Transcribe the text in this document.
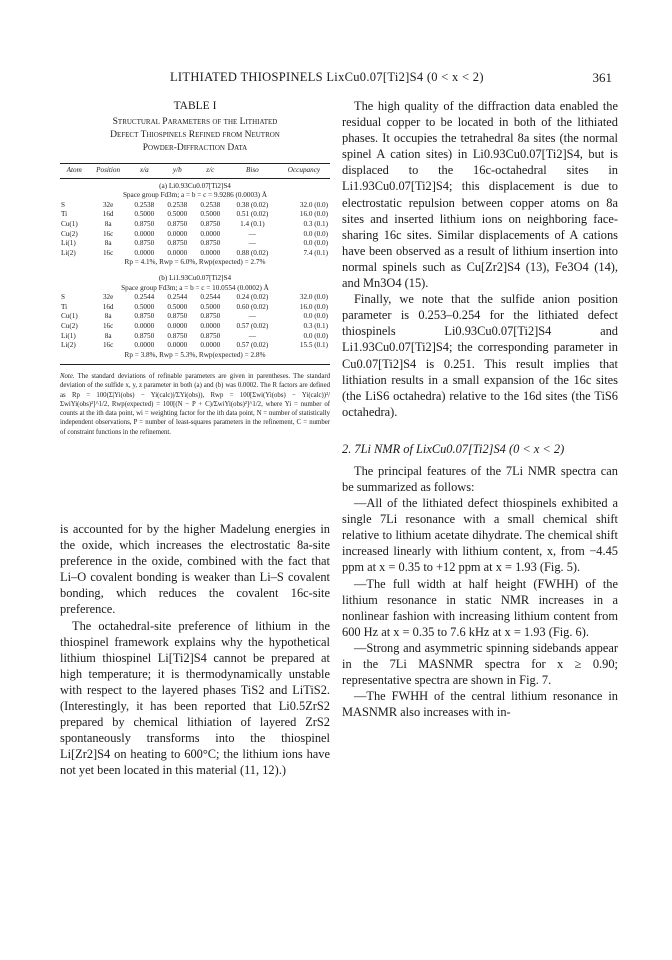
LITHIATED THIOSPINELS LixCu0.07[Ti2]S4 (0 < x < 2)	361
TABLE I
Structural Parameters of the Lithiated
Defect Thiospinels Refined from Neutron
Powder-Diffraction Data
Atom	Position	x/a	y/b	z/c	Biso	Occupancy
(a) Li0.93Cu0.07[Ti2]S4						
Space group Fd3m; a = b = c = 9.9286 (0.0003) Å						
S	32e	0.2538	0.2538	0.2538	0.38 (0.02)	32.0 (0.0)
Ti	16d	0.5000	0.5000	0.5000	0.51 (0.02)	16.0 (0.0)
Cu(1)	8a	0.8750	0.8750	0.8750	1.4 (0.1)	0.3 (0.1)
Cu(2)	16c	0.0000	0.0000	0.0000	—	0.0 (0.0)
Li(1)	8a	0.8750	0.8750	0.8750	—	0.0 (0.0)
Li(2)	16c	0.0000	0.0000	0.0000	0.88 (0.02)	7.4 (0.1)
Rp = 4.1%, Rwp = 6.0%, Rwp(expected) = 2.7%						
(b) Li1.93Cu0.07[Ti2]S4						
Space group Fd3m; a = b = c = 10.0554 (0.0002) Å						
S	32e	0.2544	0.2544	0.2544	0.24 (0.02)	32.0 (0.0)
Ti	16d	0.5000	0.5000	0.5000	0.60 (0.02)	16.0 (0.0)
Cu(1)	8a	0.8750	0.8750	0.8750	—	0.0 (0.0)
Cu(2)	16c	0.0000	0.0000	0.0000	0.57 (0.02)	0.3 (0.1)
Li(1)	8a	0.8750	0.8750	0.8750	—	0.0 (0.0)
Li(2)	16c	0.0000	0.0000	0.0000	0.57 (0.02)	15.5 (0.1)
Rp = 3.8%, Rwp = 5.3%, Rwp(expected) = 2.8%						
Note. The standard deviations of refinable parameters are given in parentheses. The standard deviation of the sulfide x, y, z parameter in both (a) and (b) was 0.0002. The R factors are defined as Rp = 100(Σ|Yi(obs) − Yi(calc)|/ΣYi(obs)), Rwp = 100[Σwi(Yi(obs) − Yi(calc))²/ΣwiYi(obs)²]^1/2, Rwp(expected) = 100[(N − P + C)/ΣwiYi(obs)²]^1/2, where Yi = number of counts at the ith data point, wi = weighting factor for the ith data point, N = number of statistically independent observations, P = number of least-squares parameters in the refinement, C = number of constraint functions in the refinement.

is accounted for by the higher Madelung energies in the oxide, which increases the electrostatic 8a-site preference in the oxide, combined with the fact that Li–O covalent bonding is weaker than Li–S covalent bonding, which reduces the covalent 16c-site preference.

The octahedral-site preference of lithium in the thiospinel framework explains why the hypothetical lithium thiospinel Li[Ti2]S4 cannot be prepared at high temperature; it is thermodynamically unstable with respect to the layered phases TiS2 and LiTiS2. (Interestingly, it has been reported that Li0.5ZrS2 prepared by chemical lithiation of layered ZrS2 spontaneously transforms into the thiospinel Li[Zr2]S4 on heating to 600°C; the lithium ions have not yet been located in this material (11, 12).)

The high quality of the diffraction data enabled the residual copper to be located in both of the lithiated phases. It occupies the tetrahedral 8a sites (the normal spinel A cation sites) in Li0.93Cu0.07[Ti2]S4, but is displaced to the 16c-octahedral sites in Li1.93Cu0.07[Ti2]S4; this displacement is due to electrostatic repulsion between copper atoms on 8a sites and inserted lithium ions on neighboring face-sharing 16c sites. Similar displacements of A cations have been observed as a result of lithium insertion into normal spinels such as Cu[Zr2]S4 (13), Fe3O4 (14), and Mn3O4 (15).

Finally, we note that the sulfide anion position parameter is 0.253–0.254 for the lithiated defect thiospinels Li0.93Cu0.07[Ti2]S4 and Li1.93Cu0.07[Ti2]S4; the corresponding parameter in Cu0.07[Ti2]S4 is 0.251. This result implies that lithiation results in a small expansion of the 16c sites (the LiS6 octahedra) relative to the 16d sites (the TiS6 octahedra).

2. 7Li NMR of LixCu0.07[Ti2]S4 (0 < x < 2)

The principal features of the 7Li NMR spectra can be summarized as follows:

—All of the lithiated defect thiospinels exhibited a single 7Li resonance with a small chemical shift relative to lithium acetate dihydrate. The chemical shift increased linearly with lithium content, x, from −4.45 ppm at x = 0.35 to +12 ppm at x = 1.93 (Fig. 5).

—The full width at half height (FWHH) of the lithium resonance in static NMR increases in a nonlinear fashion with increasing lithium content from 600 Hz at x = 0.35 to 7.6 kHz at x = 1.93 (Fig. 6).

—Strong and asymmetric spinning sidebands appear in the 7Li MASNMR spectra for x ≥ 0.90; representative spectra are shown in Fig. 7.

—The FWHH of the central lithium resonance in MASNMR also increases with in-
